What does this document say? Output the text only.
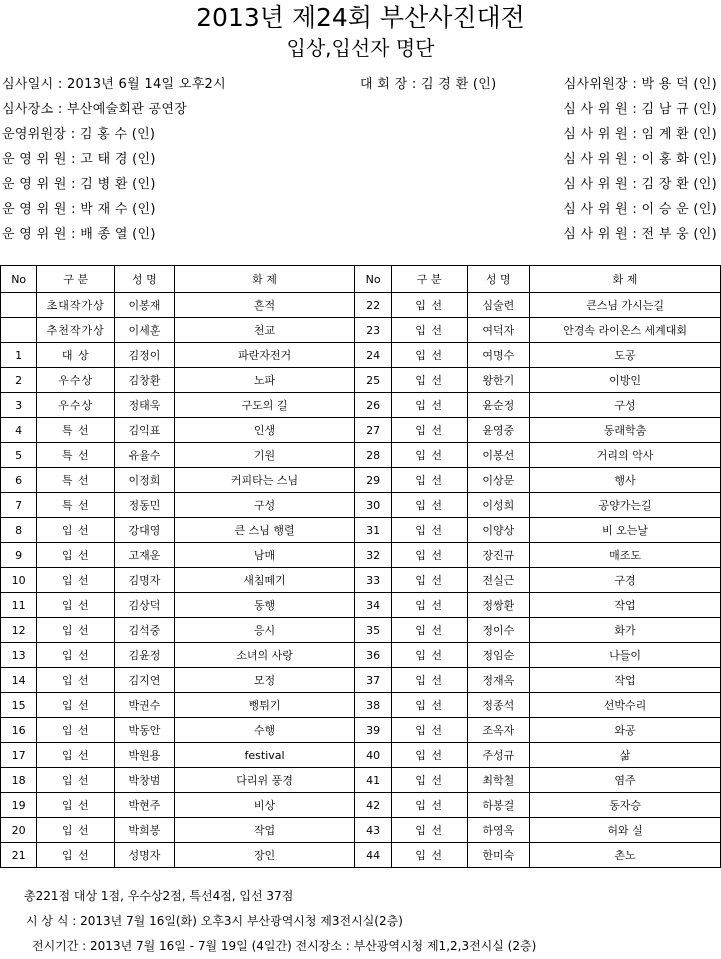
2013년 제24회 부산사진대전
입상,입선자 명단
심사일시 : 2013년 6월 14일 오후2시
심사장소 : 부산예술회관 공연장
운영위원장 : 김 홍 수 (인)
운 영 위 원 : 고 태 경 (인)
운 영 위 원 : 김 병 환 (인)
운 영 위 원 : 박 재 수 (인)
운 영 위 원 : 배 종 열 (인)
대 회 장 : 김 경 환 (인)	심사위원장 : 박 용 덕 (인)
심 사 위 원 : 김 남 규 (인)
심 사 위 원 : 임 계 환 (인)
심 사 위 원 : 이 홍 화 (인)
심 사 위 원 : 김 장 환 (인)
심 사 위 원 : 이 승 운 (인)
심 사 위 원 : 전 부 웅 (인)
No	구 분	성 명	화 제	No	구 분	성 명	화 제
	초대작가상	이봉재	흔적	22	입 선	심술련	큰스님 가시는길
	추천작가상	이세훈	천교	23	입 선	여덕자	안경속 라이온스 세계대회
1	대 상	김정이	파란자전거	24	입 선	여명수	도공
2	우수상	김창환	노파	25	입 선	왕한기	이방인
3	우수상	정태욱	구도의 길	26	입 선	윤순정	구성
4	특 선	김익표	인생	27	입 선	윤영중	동래학춤
5	특 선	유율수	기원	28	입 선	이봉선	거리의 악사
6	특 선	이정희	커피타는 스님	29	입 선	이상문	행사
7	특 선	정동민	구성	30	입 선	이성희	공양가는길
8	입 선	강대영	큰 스님 행렬	31	입 선	이양상	비 오는날
9	입 선	고재운	남매	32	입 선	장진규	매조도
10	입 선	김명자	새침떼기	33	입 선	전실근	구경
11	입 선	김상덕	동행	34	입 선	정쌍환	작업
12	입 선	김석중	응시	35	입 선	정이수	화가
13	입 선	김윤정	소녀의 사랑	36	입 선	정임순	나들이
14	입 선	김지연	모정	37	입 선	정재옥	작업
15	입 선	박권수	뻥튀기	38	입 선	정종석	선박수리
16	입 선	박동안	수행	39	입 선	조옥자	와공
17	입 선	박원용	festival	40	입 선	주성규	삶
18	입 선	박창범	다리위 풍경	41	입 선	최학철	염주
19	입 선	박현주	비상	42	입 선	하봉걸	동자승
20	입 선	박희봉	작업	43	입 선	하영옥	허와 실
21	입 선	성명자	장인	44	입 선	한미숙	촌노
총221점 대상 1점, 우수상2점, 특선4점, 입선 37점
시 상 식 : 2013년 7월 16일(화) 오후3시 부산광역시청 제3전시실(2층)
전시기간 : 2013년 7월 16일 - 7월 19일 (4일간) 전시장소 : 부산광역시청 제1,2,3전시실 (2층)
